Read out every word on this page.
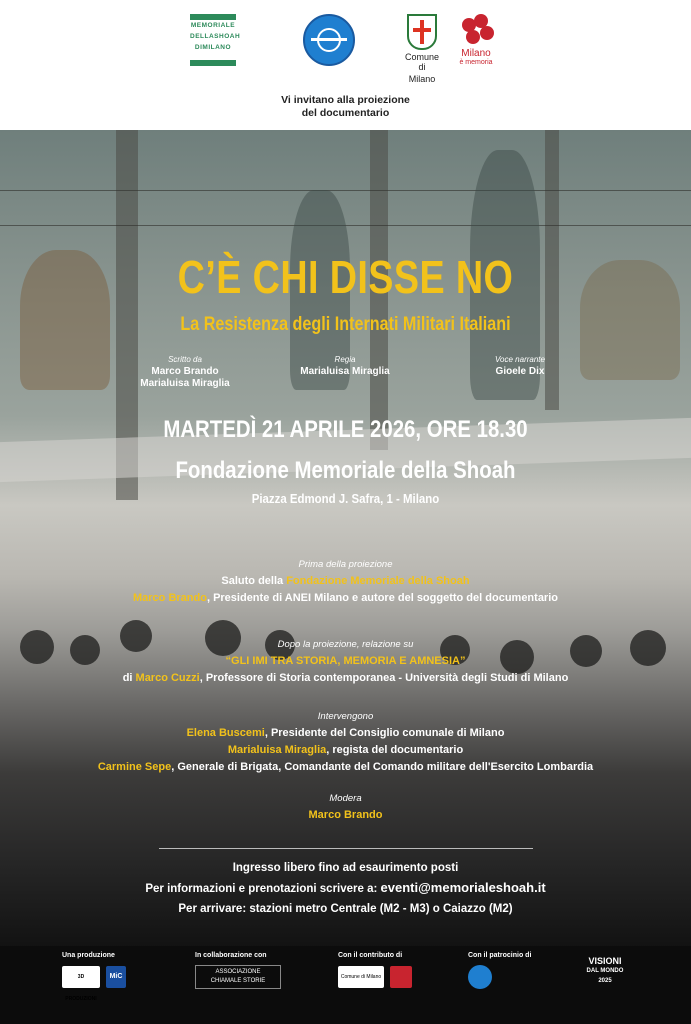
MEMORIALE
DELLASHOAH
DIMILANO
Comune di
Milano
Milano
è memoria
Vi invitano alla proiezione
del documentario
C’È CHI DISSE NO
La Resistenza degli Internati Militari Italiani
Scritto da
Marco Brando
Marialuisa Miraglia
Regia
Marialuisa Miraglia
Voce narrante
Gioele Dix
MARTEDÌ 21 APRILE 2026, ORE 18.30
Fondazione Memoriale della Shoah
Piazza Edmond J. Safra, 1 - Milano
Prima della proiezione
Saluto della Fondazione Memoriale della Shoah
Marco Brando, Presidente di ANEI Milano e autore del soggetto del documentario
Dopo la proiezione, relazione su
“GLI IMI TRA STORIA, MEMORIA E AMNESIA”
di Marco Cuzzi, Professore di Storia contemporanea - Università degli Studi di Milano
Intervengono
Elena Buscemi, Presidente del Consiglio comunale di Milano
Marialuisa Miraglia, regista del documentario
Carmine Sepe, Generale di Brigata, Comandante del Comando militare dell'Esercito Lombardia
Modera
Marco Brando
Ingresso libero fino ad esaurimento posti
Per informazioni e prenotazioni scrivere a: eventi@memorialeshoah.it
Per arrivare: stazioni metro Centrale (M2 - M3) o Caiazzo (M2)
Una produzione
3D PRODUZIONI
MiC
In collaborazione con
ASSOCIAZIONE
CHIAMALE STORIE
Con il contributo di
Comune di Milano
Con il patrocinio di
VISIONI
DAL MONDO
2025
